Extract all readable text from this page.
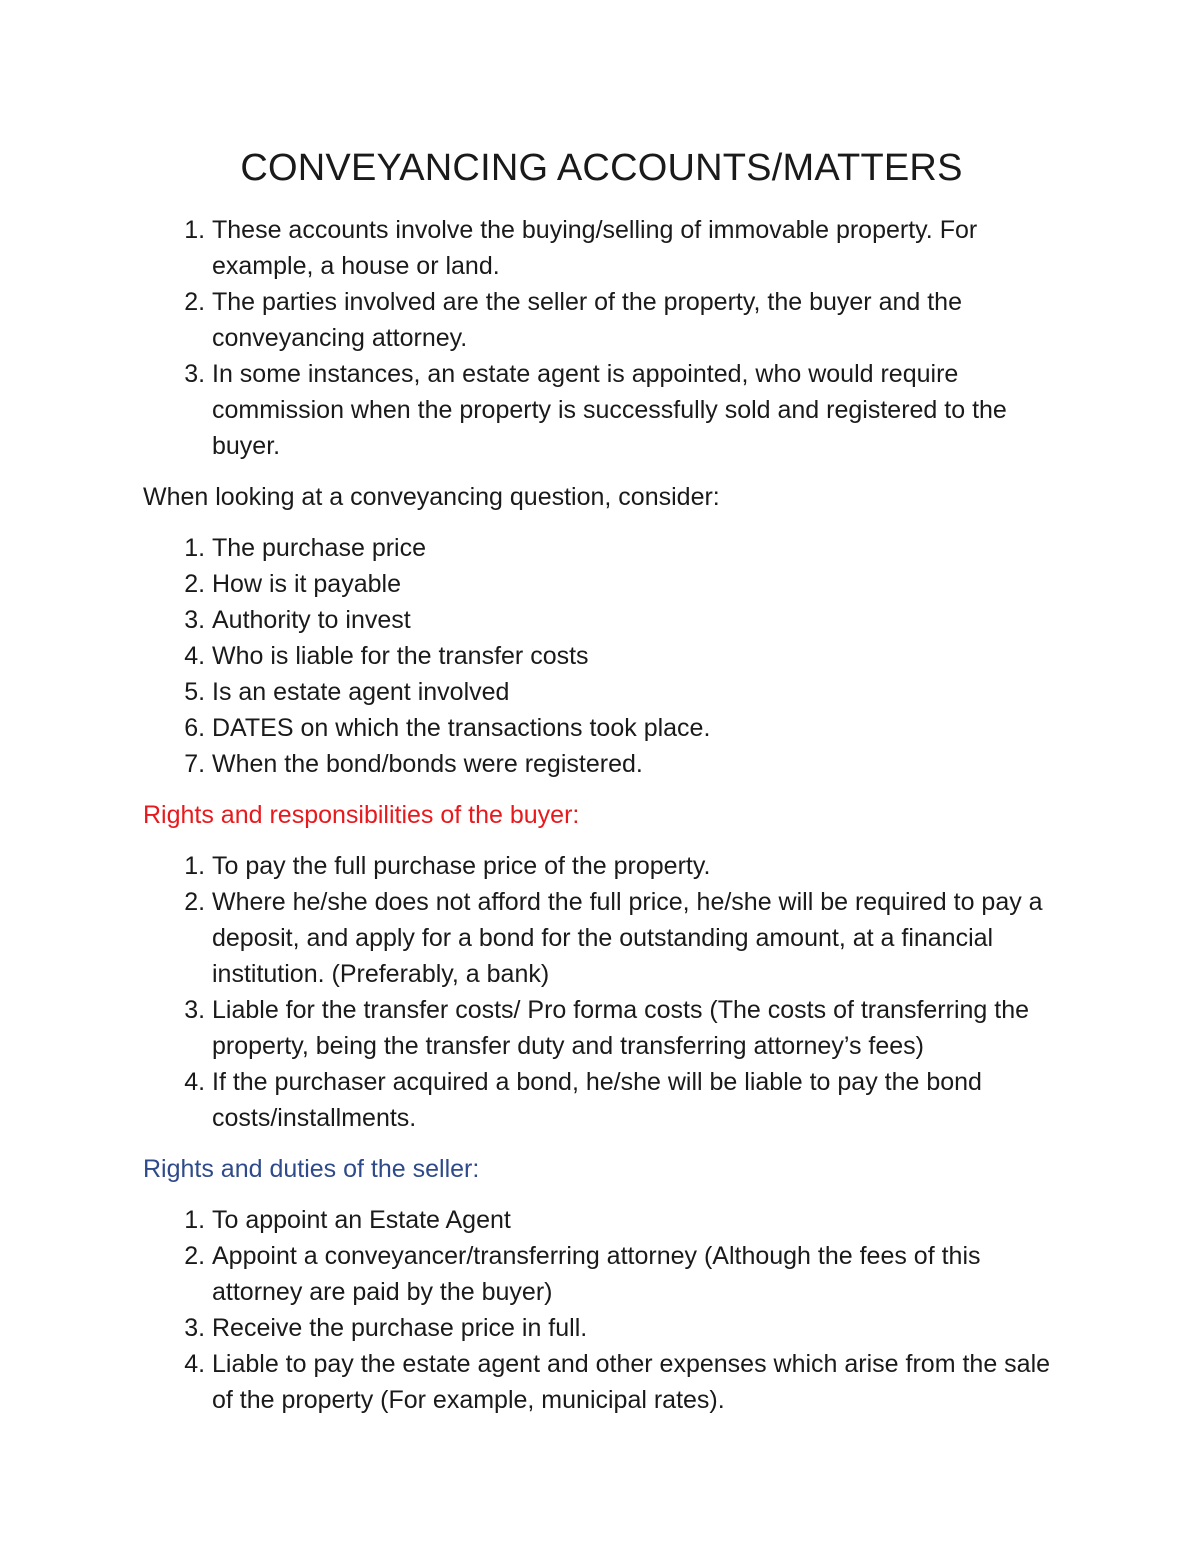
CONVEYANCING ACCOUNTS/MATTERS
1. These accounts involve the buying/selling of immovable property. For example, a house or land.
2. The parties involved are the seller of the property, the buyer and the conveyancing attorney.
3. In some instances, an estate agent is appointed, who would require commission when the property is successfully sold and registered to the buyer.

When looking at a conveyancing question, consider:

1. The purchase price
2. How is it payable
3. Authority to invest
4. Who is liable for the transfer costs
5. Is an estate agent involved
6. DATES on which the transactions took place.
7. When the bond/bonds were registered.

Rights and responsibilities of the buyer:

1. To pay the full purchase price of the property.
2. Where he/she does not afford the full price, he/she will be required to pay a deposit, and apply for a bond for the outstanding amount, at a financial institution. (Preferably, a bank)
3. Liable for the transfer costs/ Pro forma costs (The costs of transferring the property, being the transfer duty and transferring attorney’s fees)
4. If the purchaser acquired a bond, he/she will be liable to pay the bond costs/installments.

Rights and duties of the seller:

1. To appoint an Estate Agent
2. Appoint a conveyancer/transferring attorney (Although the fees of this attorney are paid by the buyer)
3. Receive the purchase price in full.
4. Liable to pay the estate agent and other expenses which arise from the sale of the property (For example, municipal rates).
